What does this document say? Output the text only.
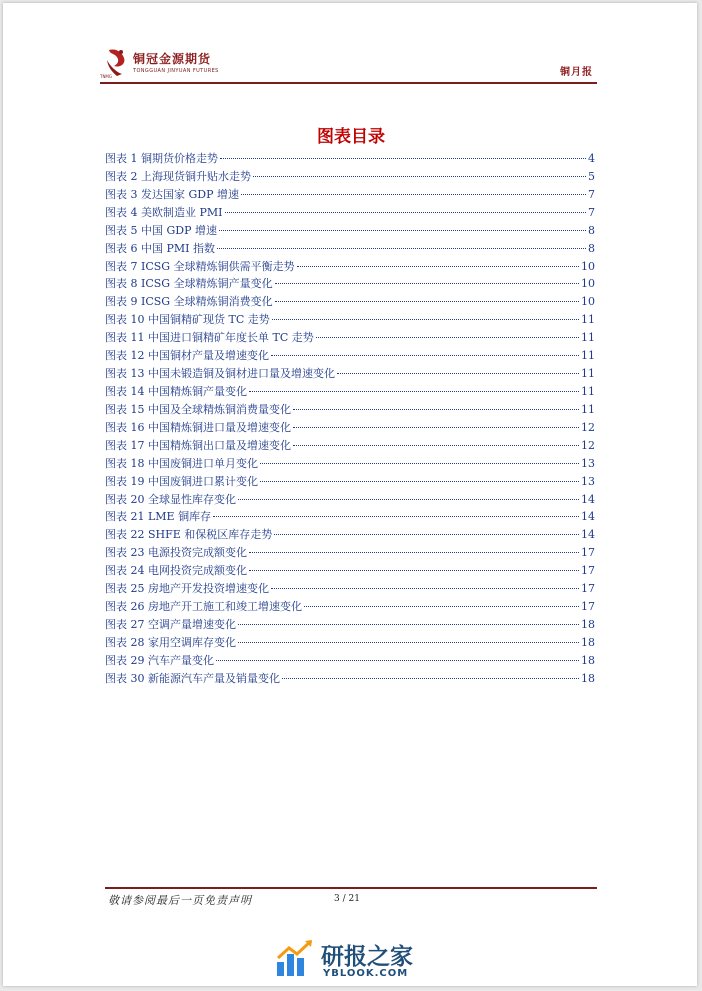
铜冠金源期货
TONGGUAN JINYUAN FUTURES
TNMG	铜月报
图表目录
图表 1 铜期货价格走势	4
图表 2 上海现货铜升贴水走势	5
图表 3 发达国家 GDP 增速	7
图表 4 美欧制造业 PMI	7
图表 5 中国 GDP 增速	8
图表 6 中国 PMI 指数	8
图表 7 ICSG 全球精炼铜供需平衡走势	10
图表 8 ICSG 全球精炼铜产量变化	10
图表 9 ICSG 全球精炼铜消费变化	10
图表 10 中国铜精矿现货 TC 走势	11
图表 11 中国进口铜精矿年度长单 TC 走势	11
图表 12 中国铜材产量及增速变化	11
图表 13 中国未锻造铜及铜材进口量及增速变化	11
图表 14 中国精炼铜产量变化	11
图表 15 中国及全球精炼铜消费量变化	11
图表 16 中国精炼铜进口量及增速变化	12
图表 17 中国精炼铜出口量及增速变化	12
图表 18 中国废铜进口单月变化	13
图表 19 中国废铜进口累计变化	13
图表 20 全球显性库存变化	14
图表 21 LME 铜库存	14
图表 22 SHFE 和保税区库存走势	14
图表 23 电源投资完成额变化	17
图表 24 电网投资完成额变化	17
图表 25 房地产开发投资增速变化	17
图表 26 房地产开工施工和竣工增速变化	17
图表 27 空调产量增速变化	18
图表 28 家用空调库存变化	18
图表 29 汽车产量变化	18
图表 30 新能源汽车产量及销量变化	18
敬请参阅最后一页免责声明	3 / 21
研报之家
YBLOOK.COM
